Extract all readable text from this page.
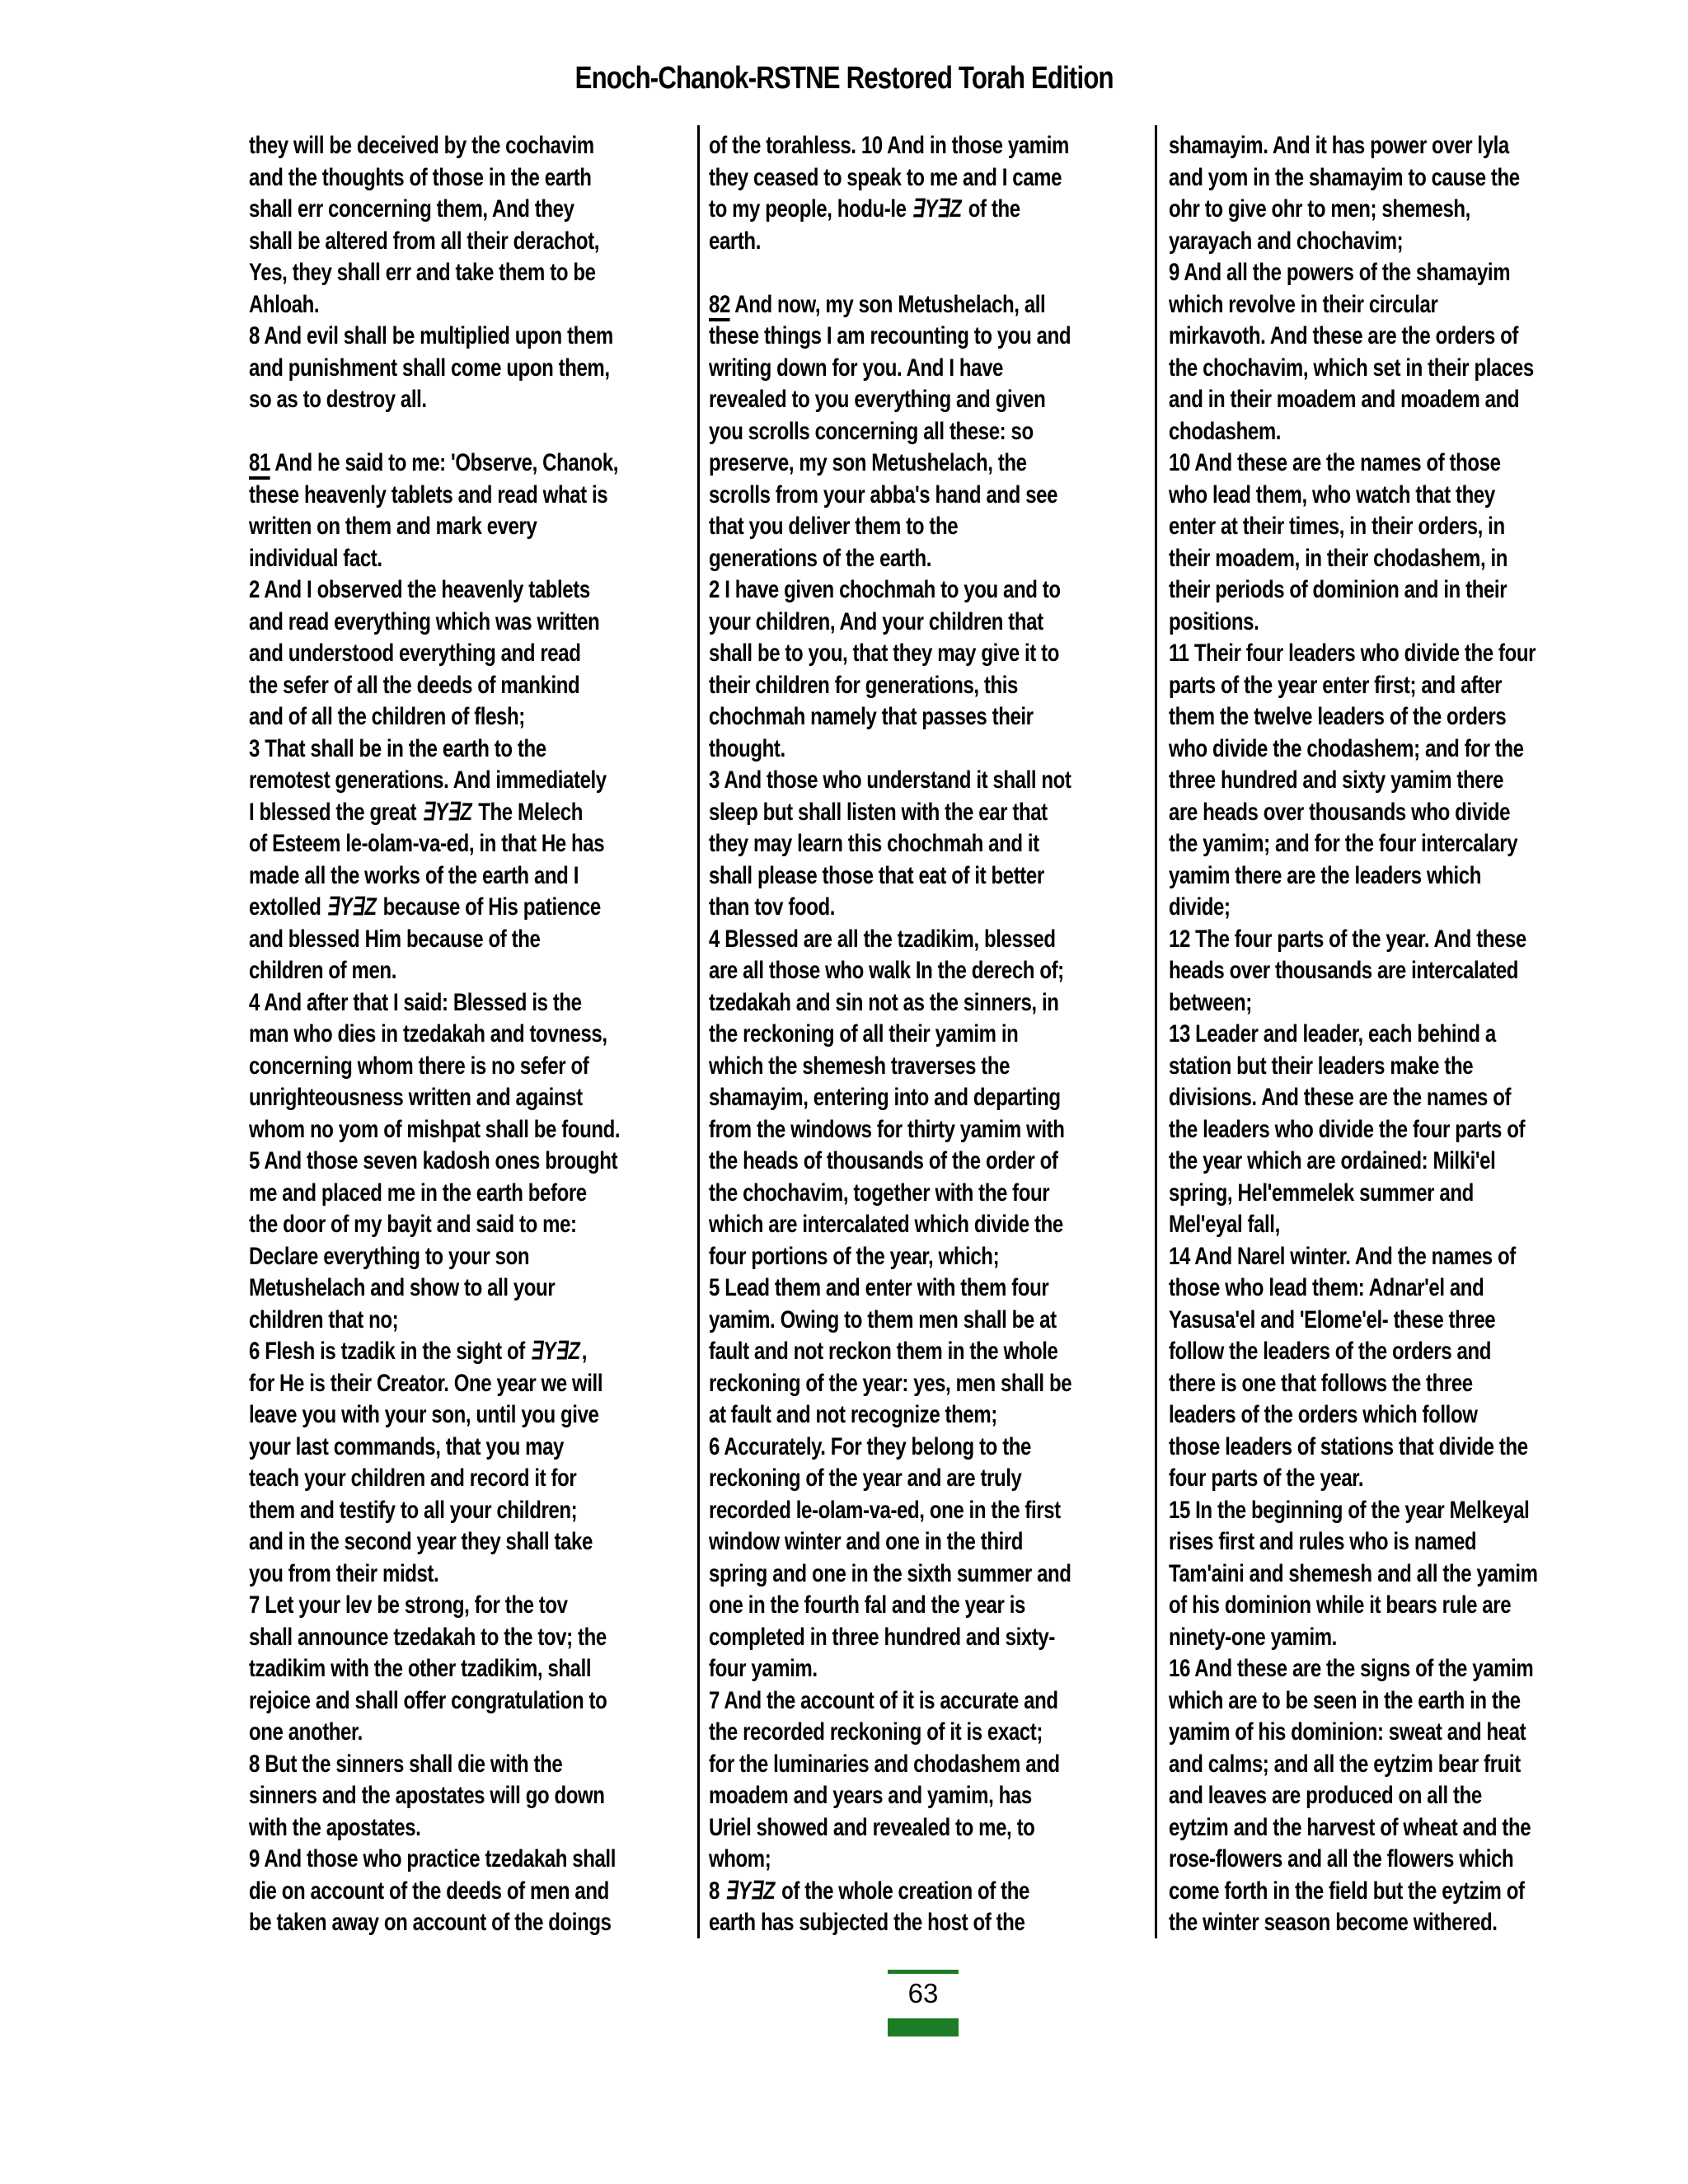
Enoch-Chanok-RSTNE Restored Torah Edition
they will be deceived by the cochavim
and the thoughts of those in the earth
shall err concerning them, And they
shall be altered from all their derachot,
Yes, they shall err and take them to be
Ahloah.
8 And evil shall be multiplied upon them
and punishment shall come upon them,
so as to destroy all.

81 And he said to me: 'Observe, Chanok,
these heavenly tablets and read what is
written on them and mark every
individual fact.
2 And I observed the heavenly tablets
and read everything which was written
and understood everything and read
the sefer of all the deeds of mankind
and of all the children of flesh;
3 That shall be in the earth to the
remotest generations. And immediately
I blessed the great ∃Y∃Z The Melech
of Esteem le-olam-va-ed, in that He has
made all the works of the earth and I
extolled ∃Y∃Z because of His patience
and blessed Him because of the
children of men.
4 And after that I said: Blessed is the
man who dies in tzedakah and tovness,
concerning whom there is no sefer of
unrighteousness written and against
whom no yom of mishpat shall be found.
5 And those seven kadosh ones brought
me and placed me in the earth before
the door of my bayit and said to me:
Declare everything to your son
Metushelach and show to all your
children that no;
6 Flesh is tzadik in the sight of ∃Y∃Z,
for He is their Creator. One year we will
leave you with your son, until you give
your last commands, that you may
teach your children and record it for
them and testify to all your children;
and in the second year they shall take
you from their midst.
7 Let your lev be strong, for the tov
shall announce tzedakah to the tov; the
tzadikim with the other tzadikim, shall
rejoice and shall offer congratulation to
one another.
8 But the sinners shall die with the
sinners and the apostates will go down
with the apostates.
9 And those who practice tzedakah shall
die on account of the deeds of men and
be taken away on account of the doings
of the torahless. 10 And in those yamim
they ceased to speak to me and I came
to my people, hodu-le ∃Y∃Z of the
earth.

82 And now, my son Metushelach, all
these things I am recounting to you and
writing down for you. And I have
revealed to you everything and given
you scrolls concerning all these: so
preserve, my son Metushelach, the
scrolls from your abba's hand and see
that you deliver them to the
generations of the earth.
2 I have given chochmah to you and to
your children, And your children that
shall be to you, that they may give it to
their children for generations, this
chochmah namely that passes their
thought.
3 And those who understand it shall not
sleep but shall listen with the ear that
they may learn this chochmah and it
shall please those that eat of it better
than tov food.
4 Blessed are all the tzadikim, blessed
are all those who walk In the derech of;
tzedakah and sin not as the sinners, in
the reckoning of all their yamim in
which the shemesh traverses the
shamayim, entering into and departing
from the windows for thirty yamim with
the heads of thousands of the order of
the chochavim, together with the four
which are intercalated which divide the
four portions of the year, which;
5 Lead them and enter with them four
yamim. Owing to them men shall be at
fault and not reckon them in the whole
reckoning of the year: yes, men shall be
at fault and not recognize them;
6 Accurately. For they belong to the
reckoning of the year and are truly
recorded le-olam-va-ed, one in the first
window winter and one in the third
spring and one in the sixth summer and
one in the fourth fal and the year is
completed in three hundred and sixty-
four yamim.
7 And the account of it is accurate and
the recorded reckoning of it is exact;
for the luminaries and chodashem and
moadem and years and yamim, has
Uriel showed and revealed to me, to
whom;
8 ∃Y∃Z of the whole creation of the
earth has subjected the host of the
shamayim. And it has power over lyla
and yom in the shamayim to cause the
ohr to give ohr to men; shemesh,
yarayach and chochavim;
9 And all the powers of the shamayim
which revolve in their circular
mirkavoth. And these are the orders of
the chochavim, which set in their places
and in their moadem and moadem and
chodashem.
10 And these are the names of those
who lead them, who watch that they
enter at their times, in their orders, in
their moadem, in their chodashem, in
their periods of dominion and in their
positions.
11 Their four leaders who divide the four
parts of the year enter first; and after
them the twelve leaders of the orders
who divide the chodashem; and for the
three hundred and sixty yamim there
are heads over thousands who divide
the yamim; and for the four intercalary
yamim there are the leaders which
divide;
12 The four parts of the year. And these
heads over thousands are intercalated
between;
13 Leader and leader, each behind a
station but their leaders make the
divisions. And these are the names of
the leaders who divide the four parts of
the year which are ordained: Milki'el
spring, Hel'emmelek summer and
Mel'eyal fall,
14 And Narel winter. And the names of
those who lead them: Adnar'el and
Yasusa'el and 'Elome'el- these three
follow the leaders of the orders and
there is one that follows the three
leaders of the orders which follow
those leaders of stations that divide the
four parts of the year.
15 In the beginning of the year Melkeyal
rises first and rules who is named
Tam'aini and shemesh and all the yamim
of his dominion while it bears rule are
ninety-one yamim.
16 And these are the signs of the yamim
which are to be seen in the earth in the
yamim of his dominion: sweat and heat
and calms; and all the eytzim bear fruit
and leaves are produced on all the
eytzim and the harvest of wheat and the
rose-flowers and all the flowers which
come forth in the field but the eytzim of
the winter season become withered.
63
